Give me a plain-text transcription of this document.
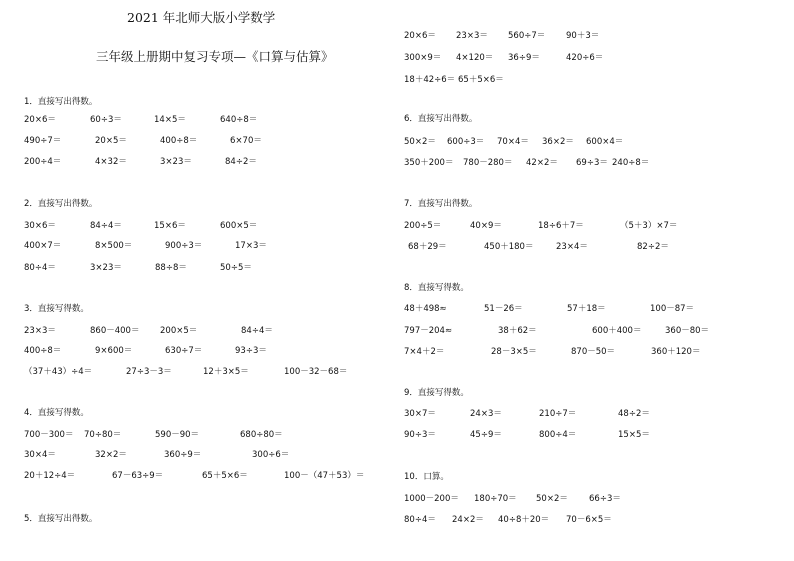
2021 年北师大版小学数学
三年级上册期中复习专项—《口算与估算》
1．直接写出得数。
20×6＝	60÷3＝	14×5＝	640÷8＝
490÷7＝	20×5＝	400÷8＝	6×70＝
200÷4＝	4×32＝	3×23＝	84÷2＝
2．直接写出得数。
30×6＝	84÷4＝	15×6＝	600×5＝
400×7＝	8×500＝	900÷3＝	17×3＝
80÷4＝	3×23＝	88÷8＝	50÷5＝
3．直接写得数。
23×3＝	860－400＝ 200×5＝	84÷4＝
400÷8＝	9×600＝	630÷7＝	93÷3＝
（37＋43）÷4＝	27÷3－3＝	12＋3×5＝	100－32－68＝
4．直接写得数。
700－300＝ 70÷80＝	590－90＝	680÷80＝
30×4＝	32×2＝	360÷9＝	300÷6＝
20＋12÷4＝	67－63÷9＝	65＋5×6＝	100－（47＋53）＝
5．直接写出得数。
20×6＝ 23×3＝ 560÷7＝ 90＋3＝
300×9＝ 4×120＝ 36÷9＝	420÷6＝
18＋42÷6＝ 65＋5×6＝
6．直接写出得数。
50×2＝ 600÷3＝ 70×4＝ 36×2＝ 600×4＝
350＋200＝ 780－280＝ 42×2＝ 69÷3＝ 240÷8＝
7．直接写出得数。
200÷5＝	40×9＝	18÷6＋7＝	（5＋3）×7＝
68＋29＝	450＋180＝	23×4＝	82÷2＝
8．直接写得数。
48＋498≈	51－26＝	57＋18＝	100－87＝
797－204≈	38＋62＝	600＋400＝	360－80＝
7×4＋2＝	28－3×5＝	870－50＝	360＋120＝
9．直接写得数。
30×7＝	24×3＝	210÷7＝	48÷2＝
90÷3＝	45÷9＝	800÷4＝	15×5＝
10．口算。
1000－200＝ 180÷70＝ 50×2＝ 66÷3＝
80÷4＝ 24×2＝ 40÷8＋20＝ 70－6×5＝
